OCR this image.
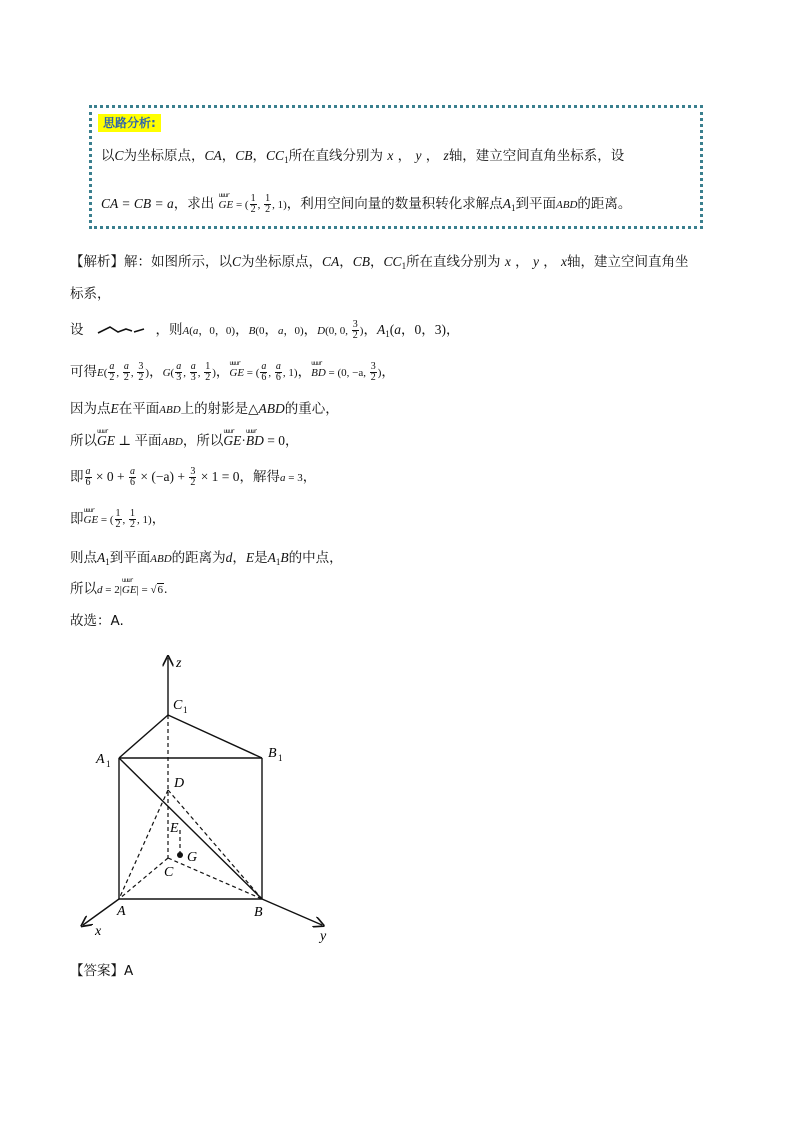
思路分析:
以C为坐标原点，CA，CB，$CC_1$所在直线分别为 x ， y ， z轴，建立空间直角坐标系，设
CA = CB = a，求出 uuur GE = ( $\frac{1}{2}$ , $\frac{1}{2}$ , 1)，利用空间向量的数量积转化求解点$A_1$到平面ABD的距离。
【解析】解：如图所示，以C为坐标原点，CA，CB，$CC_1$所在直线分别为 x ， y ， x轴，建立空间直角坐
标系，
设	，则A(a，0，0)，B(0，a，0)，D(0, 0, $\frac{3}{2}$ )，$A_1(a$，0，3)，
可得$E( \frac{a}{2}$ , $\frac{a}{2}$ , $\frac{3}{2}$ )，$G( \frac{a}{3}$ , $\frac{a}{3}$ , $\frac{1}{2}$ )，uuur GE = ( $\frac{a}{6}$ , $\frac{a}{6}$ , 1)，uuur BD = (0, −a, $\frac{3}{2}$ )，
因为点E在平面ABD上的射影是△ABD的重心，
所以uuur GE ⊥ 平面ABD，所以uuur GE·uuur BD = 0，
即 $\frac{a}{6} \times 0 + \frac{a}{6} \times (-a) + \frac{3}{2} \times 1 = 0$，解得a = 3，
即uuur GE = ( $\frac{1}{2}$ , $\frac{1}{2}$ , 1)，
则点$A_1$到平面ABD的距离为d，E是$A_1B$的中点，
所以d = 2|uuur GE| = √6.
故选：A.
z
x	y
C 1
A 1
B 1
D
E
G
C
A	B
【答案】A
